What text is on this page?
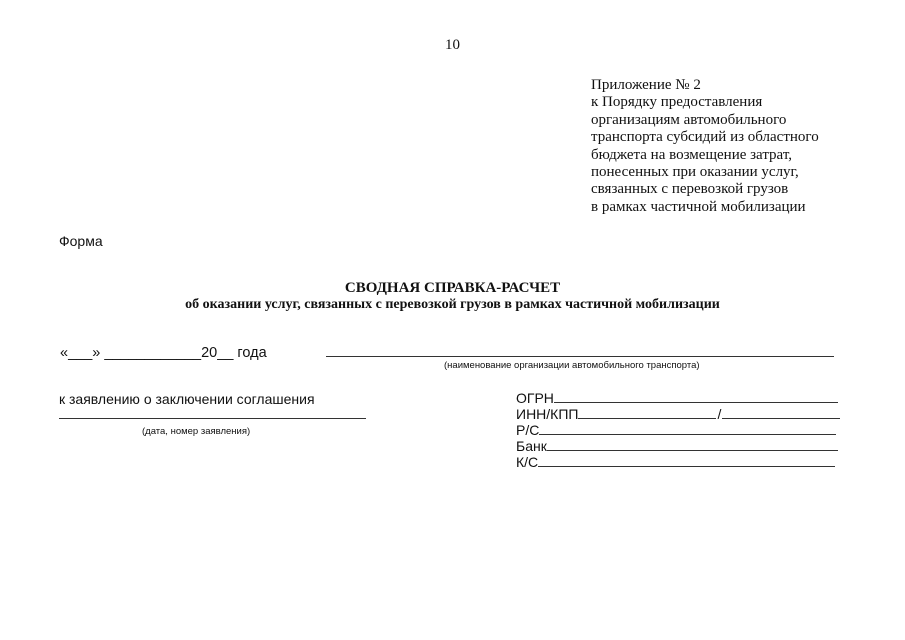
10
Приложение № 2
к Порядку предоставления
организациям автомобильного
транспорта субсидий из областного
бюджета на возмещение затрат,
понесенных при оказании услуг,
связанных с перевозкой грузов
в рамках частичной мобилизации
Форма
СВОДНАЯ СПРАВКА-РАСЧЕТ
об оказании услуг, связанных с перевозкой грузов в рамках частичной мобилизации
«___» ____________20__ года
(наименование организации автомобильного транспорта)
к заявлению о заключении соглашения
(дата, номер заявления)
ОГРН
ИНН/КПП	/
Р/С
Банк
К/С
